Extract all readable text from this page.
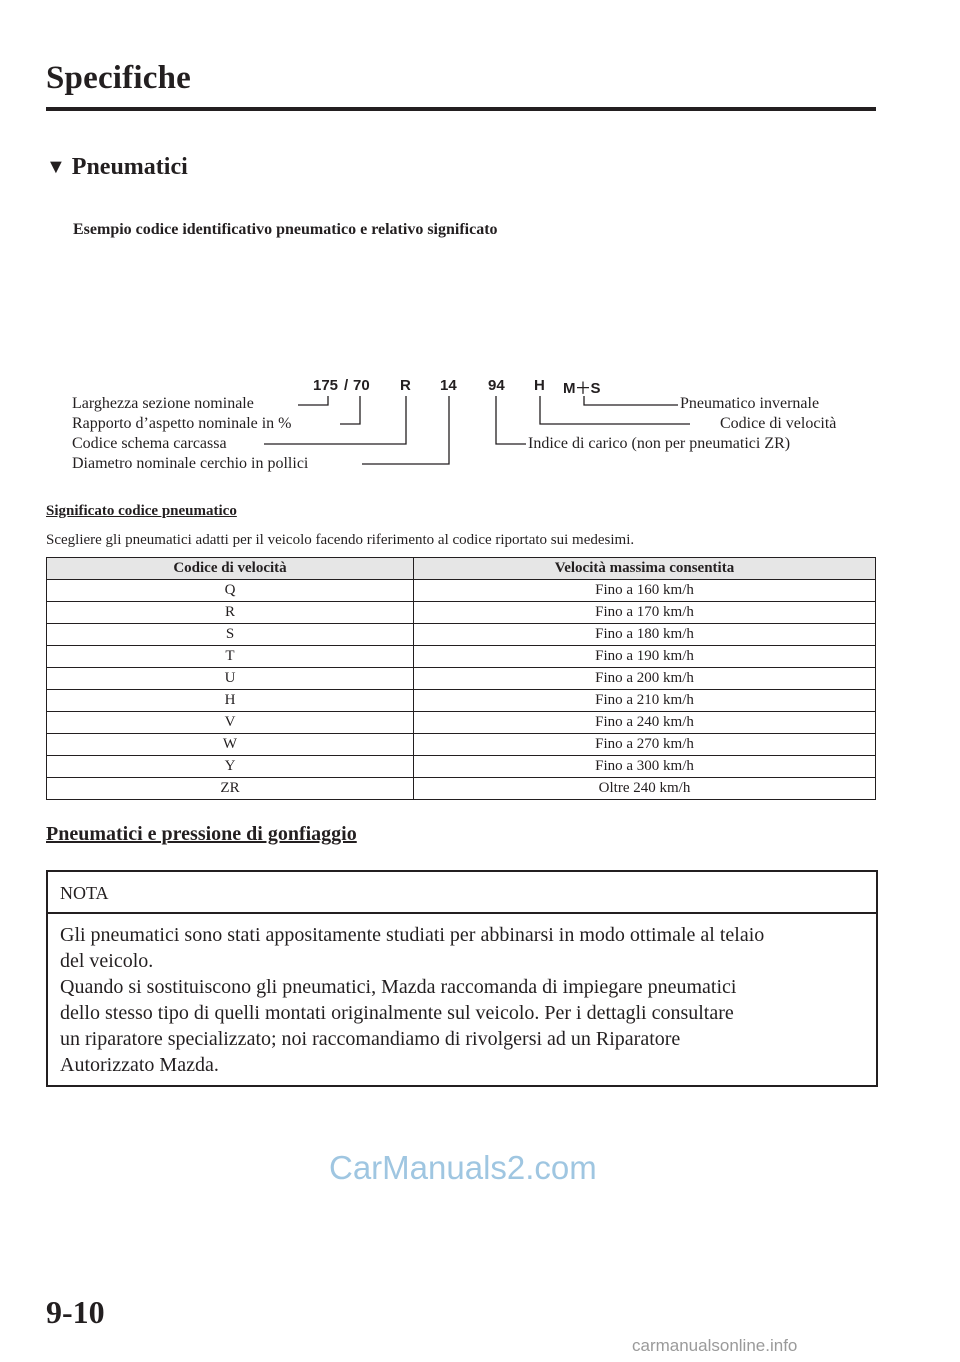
Specifiche
▼ Pneumatici
Esempio codice identificativo pneumatico e relativo significato
175 / 70 R 14 94 H M＋S
Larghezza sezione nominale
Rapporto d’aspetto nominale in %
Codice schema carcassa
Diametro nominale cerchio in pollici
Pneumatico invernale
Codice di velocità
Indice di carico (non per pneumatici ZR)
Significato codice pneumatico
Scegliere gli pneumatici adatti per il veicolo facendo riferimento al codice riportato sui medesimi.
Codice di velocità	Velocità massima consentita
Q	Fino a 160 km/h
R	Fino a 170 km/h
S	Fino a 180 km/h
T	Fino a 190 km/h
U	Fino a 200 km/h
H	Fino a 210 km/h
V	Fino a 240 km/h
W	Fino a 270 km/h
Y	Fino a 300 km/h
ZR	Oltre 240 km/h
Pneumatici e pressione di gonfiaggio
NOTA
Gli pneumatici sono stati appositamente studiati per abbinarsi in modo ottimale al telaio
del veicolo.
Quando si sostituiscono gli pneumatici, Mazda raccomanda di impiegare pneumatici
dello stesso tipo di quelli montati originalmente sul veicolo. Per i dettagli consultare
un riparatore specializzato; noi raccomandiamo di rivolgersi ad un Riparatore
Autorizzato Mazda.
CarManuals2.com
9-10
carmanualsonline.info
